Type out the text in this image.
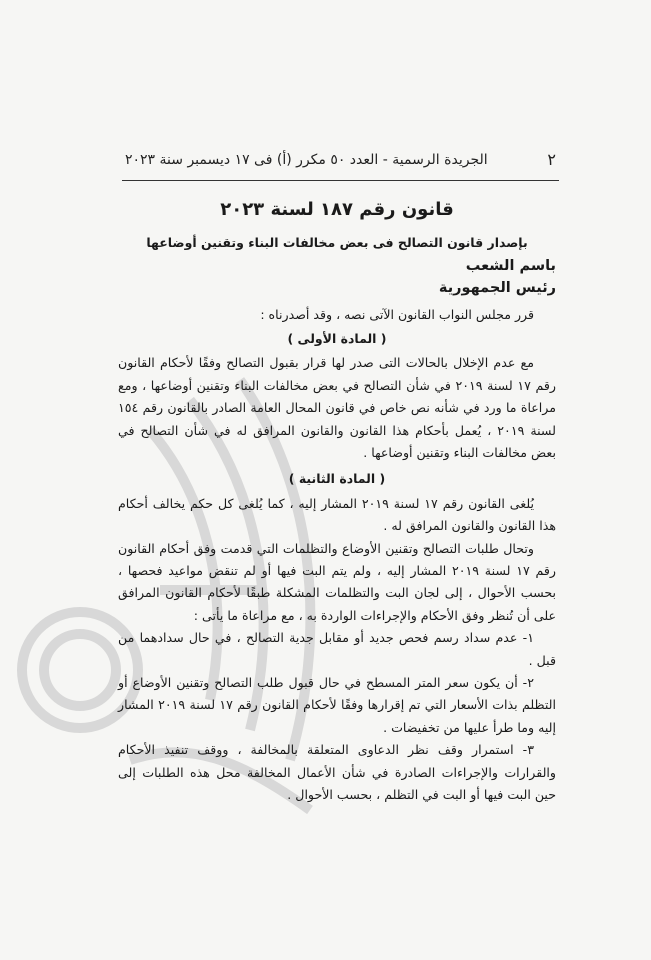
٢
الجريدة الرسمية - العدد ٥٠ مكرر (أ) فى ١٧ ديسمبر سنة ٢٠٢٣

قانون رقم ١٨٧ لسنة ٢٠٢٣

بإصدار قانون التصالح فى بعض مخالفات البناء وتقنين أوضاعها

باسم الشعب

رئيس الجمهورية

قرر مجلس النواب القانون الآتى نصه ، وقد أصدرناه :

( المادة الأولى )

مع عدم الإخلال بالحالات التى صدر لها قرار بقبول التصالح وفقًا لأحكام القانون رقم ١٧ لسنة ٢٠١٩ في شأن التصالح في بعض مخالفات البناء وتقنين أوضاعها ، ومع مراعاة ما ورد في شأنه نص خاص في قانون المحال العامة الصادر بالقانون رقم ١٥٤ لسنة ٢٠١٩ ، يُعمل بأحكام هذا القانون والقانون المرافق له في شأن التصالح في بعض مخالفات البناء وتقنين أوضاعها .

( المادة الثانية )

يُلغى القانون رقم ١٧ لسنة ٢٠١٩ المشار إليه ، كما يُلغى كل حكم يخالف أحكام هذا القانون والقانون المرافق له .

وتحال طلبات التصالح وتقنين الأوضاع والتظلمات التي قدمت وفق أحكام القانون رقم ١٧ لسنة ٢٠١٩ المشار إليه ، ولم يتم البت فيها أو لم تنقض مواعيد فحصها ، بحسب الأحوال ، إلى لجان البت والتظلمات المشكلة طبقًا لأحكام القانون المرافق على أن تُنظر وفق الأحكام والإجراءات الواردة به ، مع مراعاة ما يأتى :

١- عدم سداد رسم فحص جديد أو مقابل جدية التصالح ، في حال سدادهما من قبل .

٢- أن يكون سعر المتر المسطح في حال قبول طلب التصالح وتقنين الأوضاع أو التظلم بذات الأسعار التي تم إقرارها وفقًا لأحكام القانون رقم ١٧ لسنة ٢٠١٩ المشار إليه وما طرأ عليها من تخفيضات .

٣- استمرار وقف نظر الدعاوى المتعلقة بالمخالفة ، ووقف تنفيذ الأحكام والقرارات والإجراءات الصادرة في شأن الأعمال المخالفة محل هذه الطلبات إلى حين البت فيها أو البت في التظلم ، بحسب الأحوال .
